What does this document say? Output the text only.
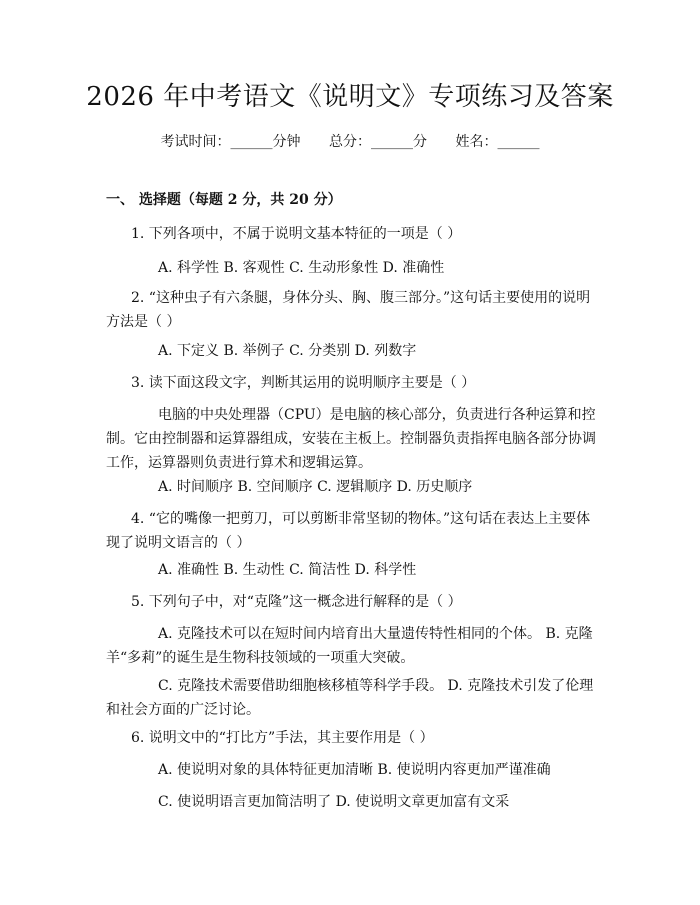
2026 年中考语文《说明文》专项练习及答案
考试时间：______分钟 总分：______分 姓名：______
一、 选择题（每题 2 分，共 20 分）
1. 下列各项中，不属于说明文基本特征的一项是（ ）
A. 科学性 B. 客观性 C. 生动形象性 D. 准确性
2. “这种虫子有六条腿，身体分头、胸、腹三部分。”这句话主要使用的说明方法是（ ）
A. 下定义 B. 举例子 C. 分类别 D. 列数字
3. 读下面这段文字，判断其运用的说明顺序主要是（ ）
电脑的中央处理器（CPU）是电脑的核心部分，负责进行各种运算和控制。它由控制器和运算器组成，安装在主板上。控制器负责指挥电脑各部分协调工作，运算器则负责进行算术和逻辑运算。
A. 时间顺序 B. 空间顺序 C. 逻辑顺序 D. 历史顺序
4. “它的嘴像一把剪刀，可以剪断非常坚韧的物体。”这句话在表达上主要体现了说明文语言的（ ）
A. 准确性 B. 生动性 C. 简洁性 D. 科学性
5. 下列句子中，对“克隆”这一概念进行解释的是（ ）
A. 克隆技术可以在短时间内培育出大量遗传特性相同的个体。 B. 克隆羊“多莉”的诞生是生物科技领域的一项重大突破。
C. 克隆技术需要借助细胞核移植等科学手段。 D. 克隆技术引发了伦理和社会方面的广泛讨论。
6. 说明文中的“打比方”手法，其主要作用是（ ）
A. 使说明对象的具体特征更加清晰 B. 使说明内容更加严谨准确
C. 使说明语言更加简洁明了 D. 使说明文章更加富有文采
